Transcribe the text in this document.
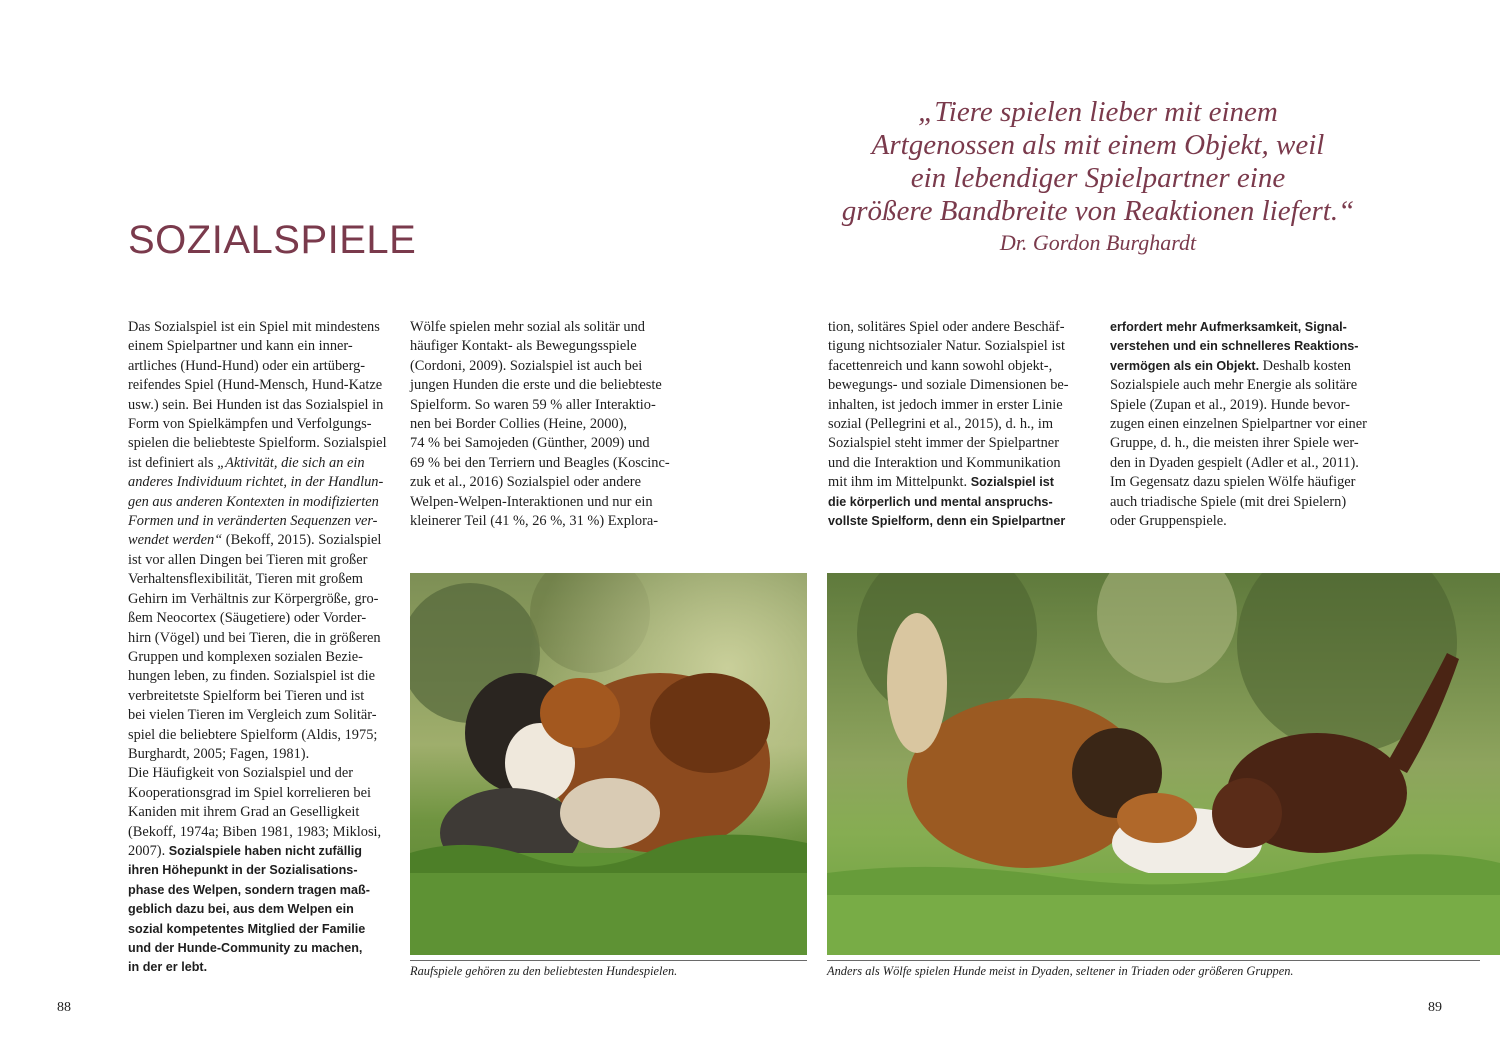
„Tiere spielen lieber mit einem
Artgenossen als mit einem Objekt, weil
ein lebendiger Spielpartner eine
größere Bandbreite von Reaktionen liefert.“

Dr. Gordon Burghardt
SOZIALSPIELE
Das Sozialspiel ist ein Spiel mit mindestens
einem Spielpartner und kann ein inner-
artliches (Hund-Hund) oder ein artüberg-
reifendes Spiel (Hund-Mensch, Hund-Katze
usw.) sein. Bei Hunden ist das Sozialspiel in
Form von Spielkämpfen und Verfolgungs-
spielen die beliebteste Spielform. Sozialspiel
ist definiert als „Aktivität, die sich an ein
anderes Individuum richtet, in der Handlun-
gen aus anderen Kontexten in modifizierten
Formen und in veränderten Sequenzen ver-
wendet werden“ (Bekoff, 2015). Sozialspiel
ist vor allen Dingen bei Tieren mit großer
Verhaltensflexibilität, Tieren mit großem
Gehirn im Verhältnis zur Körpergröße, gro-
ßem Neocortex (Säugetiere) oder Vorder-
hirn (Vögel) und bei Tieren, die in größeren
Gruppen und komplexen sozialen Bezie-
hungen leben, zu finden. Sozialspiel ist die
verbreitetste Spielform bei Tieren und ist
bei vielen Tieren im Vergleich zum Solitär-
spiel die beliebtere Spielform (Aldis, 1975;
Burghardt, 2005; Fagen, 1981).
Die Häufigkeit von Sozialspiel und der
Kooperationsgrad im Spiel korrelieren bei
Kaniden mit ihrem Grad an Geselligkeit
(Bekoff, 1974a; Biben 1981, 1983; Miklosi,
2007). Sozialspiele haben nicht zufällig
ihren Höhepunkt in der Sozialisations-
phase des Welpen, sondern tragen maß-
geblich dazu bei, aus dem Welpen ein
sozial kompetentes Mitglied der Familie
und der Hunde-Community zu machen,
in der er lebt.
Wölfe spielen mehr sozial als solitär und
häufiger Kontakt- als Bewegungsspiele
(Cordoni, 2009). Sozialspiel ist auch bei
jungen Hunden die erste und die beliebteste
Spielform. So waren 59 % aller Interaktio-
nen bei Border Collies (Heine, 2000),
74 % bei Samojeden (Günther, 2009) und
69 % bei den Terriern und Beagles (Koscinc-
zuk et al., 2016) Sozialspiel oder andere
Welpen-Welpen-Interaktionen und nur ein
kleinerer Teil (41 %, 26 %, 31 %) Explora-
tion, solitäres Spiel oder andere Beschäf-
tigung nichtsozialer Natur. Sozialspiel ist
facettenreich und kann sowohl objekt-,
bewegungs- und soziale Dimensionen be-
inhalten, ist jedoch immer in erster Linie
sozial (Pellegrini et al., 2015), d. h., im
Sozialspiel steht immer der Spielpartner
und die Interaktion und Kommunikation
mit ihm im Mittelpunkt. Sozialspiel ist
die körperlich und mental anspruchs-
vollste Spielform, denn ein Spielpartner
erfordert mehr Aufmerksamkeit, Signal-
verstehen und ein schnelleres Reaktions-
vermögen als ein Objekt. Deshalb kosten
Sozialspiele auch mehr Energie als solitäre
Spiele (Zupan et al., 2019). Hunde bevor-
zugen einen einzelnen Spielpartner vor einer
Gruppe, d. h., die meisten ihrer Spiele wer-
den in Dyaden gespielt (Adler et al., 2011).
Im Gegensatz dazu spielen Wölfe häufiger
auch triadische Spiele (mit drei Spielern)
oder Gruppenspiele.
Raufspiele gehören zu den beliebtesten Hundespielen.	Anders als Wölfe spielen Hunde meist in Dyaden, seltener in Triaden oder größeren Gruppen.
88	89
